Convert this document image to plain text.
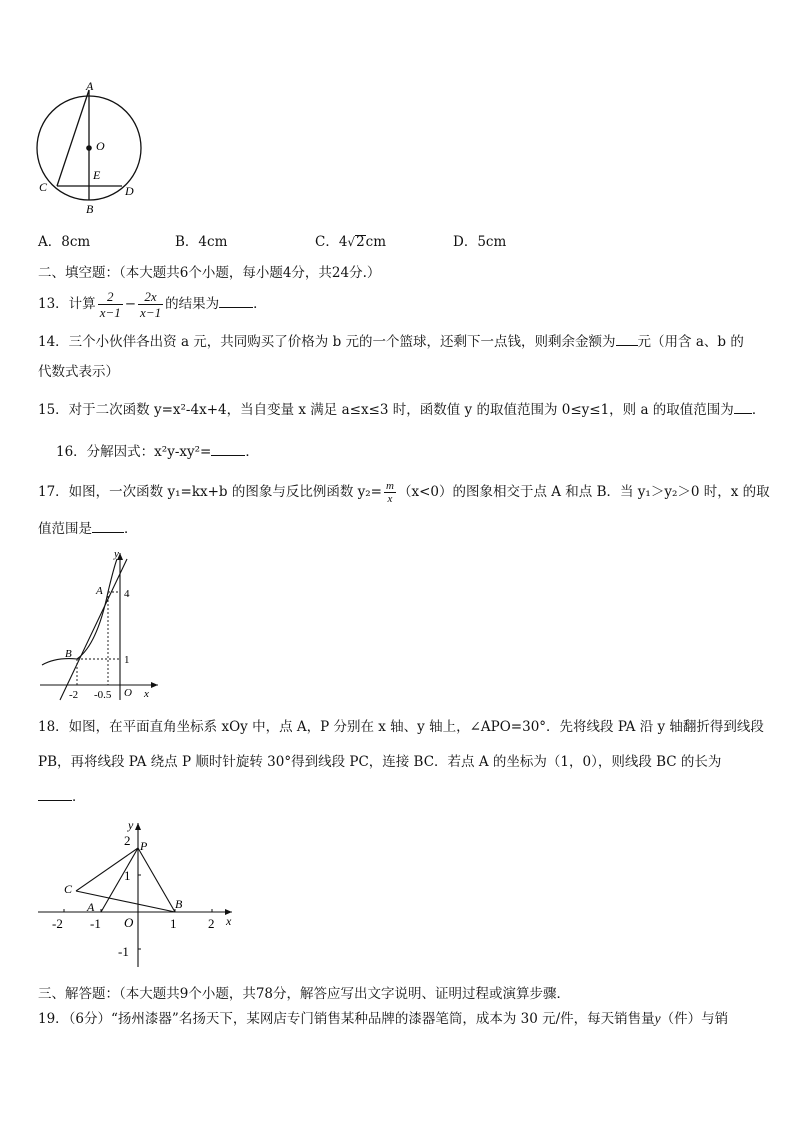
A
O
E
C	D
B
A．8cm	B．4cm	C．4√2cm	D．5cm
二、填空题：（本大题共6个小题，每小题4分，共24分.）
13．计算 $\frac{2}{x-1} - \frac{2x}{x-1}$ 的结果为	．
14．三个小伙伴各出资 a 元，共同购买了价格为 b 元的一个篮球，还剩下一点钱，则剩余金额为 元（用含 a、b 的
代数式表示）
15．对于二次函数 y=x²-4x+4，当自变量 x 满足 a≤x≤3 时，函数值 y 的取值范围为 0≤y≤1，则 a 的取值范围为 ．
16．分解因式：x²y-xy²=	．
17．如图，一次函数 y₁=kx+b 的图象与反比例函数 $y_2= \frac{m}{x} (x<0)$的图象相交于点 A 和点 B．当 y₁＞y₂＞0 时，x 的取
值范围是 ．
y
x
O
A
B
4
1
-2 -0.5
18．如图，在平面直角坐标系 xOy 中，点 A，P 分别在 x 轴、y 轴上，∠APO=30°．先将线段 PA 沿 y 轴翻折得到线段
PB，再将线段 PA 绕点 P 顺时针旋转 30°得到线段 PC，连接 BC．若点 A 的坐标为（1，0），则线段 BC 的长为
．
y
x
O
P
C
A	B
-2 -1	1 2
2
1
-1
三、解答题：（本大题共9个小题，共78分，解答应写出文字说明、证明过程或演算步骤．
19．（6分）“扬州漆器”名扬天下，某网店专门销售某种品牌的漆器笔筒，成本为 30 元/件，每天销售量y（件）与销
